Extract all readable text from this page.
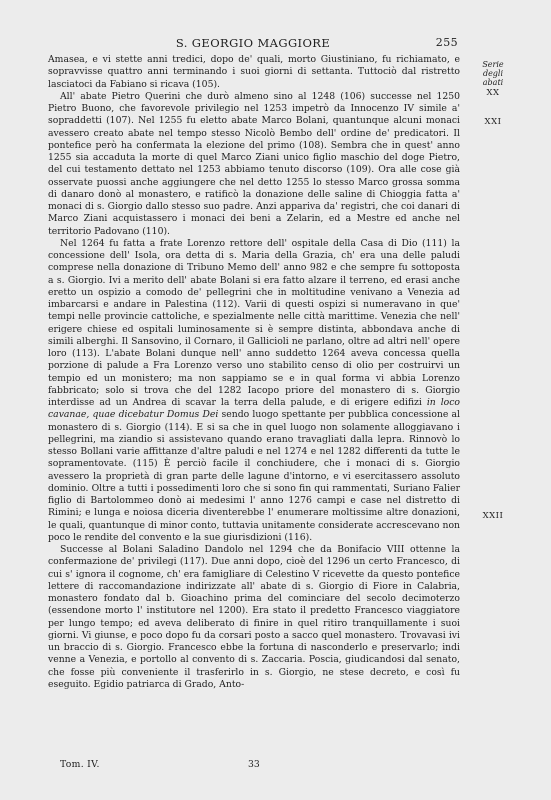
S. GEORGIO MAGGIORE	255
Serie degli abati
XX
XXI
XXII

Amasea, e vi stette anni tredici, dopo de' quali, morto Giustiniano, fu richiamato, e sopravvisse quattro anni terminando i suoi giorni di settanta. Tuttociò dal ristretto lasciatoci da Fabiano si ricava (105).

All' abate Pietro Querini che durò almeno sino al 1248 (106) successe nel 1250 Pietro Buono, che favorevole privilegio nel 1253 impetrò da Innocenzo IV simile a' sopraddetti (107). Nel 1255 fu eletto abate Marco Bolani, quantunque alcuni monaci avessero creato abate nel tempo stesso Nicolò Bembo dell' ordine de' predicatori. Il pontefice però ha confermata la elezione del primo (108). Sembra che in quest' anno 1255 sia accaduta la morte di quel Marco Ziani unico figlio maschio del doge Pietro, del cui testamento dettato nel 1253 abbiamo tenuto discorso (109). Ora alle cose già osservate puossi anche aggiungere che nel detto 1255 lo stesso Marco grossa somma di danaro donò al monastero, e ratificò la donazione delle saline di Chioggia fatta a' monaci di s. Giorgio dallo stesso suo padre. Anzi appariva da' registri, che coi danari di Marco Ziani acquistassero i monaci dei beni a Zelarin, ed a Mestre ed anche nel territorio Padovano (110).

Nel 1264 fu fatta a frate Lorenzo rettore dell' ospitale della Casa di Dio (111) la concessione dell' Isola, ora detta di s. Maria della Grazia, ch' era una delle paludi comprese nella donazione di Tribuno Memo dell' anno 982 e che sempre fu sottoposta a s. Giorgio. Ivi a merito dell' abate Bolani si era fatto alzare il terreno, ed erasi anche eretto un ospizio a comodo de' pellegrini che in moltitudine venivano a Venezia ad imbarcarsi e andare in Palestina (112). Varii di questi ospizi si numeravano in que' tempi nelle provincie cattoliche, e spezialmente nelle città marittime. Venezia che nell' erigere chiese ed ospitali luminosamente si è sempre distinta, abbondava anche di simili alberghi. Il Sansovino, il Cornaro, il Gallicioli ne parlano, oltre ad altri nell' opere loro (113). L'abate Bolani dunque nell' anno suddetto 1264 aveva concessa quella porzione di palude a Fra Lorenzo verso uno stabilito censo di olio per costruirvi un tempio ed un monistero; ma non sappiamo se e in qual forma vi abbia Lorenzo fabbricato; solo si trova che del 1282 Iacopo priore del monastero di s. Giorgio interdisse ad un Andrea di scavar la terra della palude, e di erigere edifizi in loco cavanae, quae dicebatur Domus Dei sendo luogo spettante per pubblica concessione al monastero di s. Giorgio (114). E si sa che in quel luogo non solamente alloggiavano i pellegrini, ma ziandio si assistevano quando erano travagliati dalla lepra. Rinnovò lo stesso Bollani varie affittanze d'altre paludi e nel 1274 e nel 1282 differenti da tutte le sopramentovate. (115) È perciò facile il conchiudere, che i monaci di s. Giorgio avessero la proprietà di gran parte delle lagune d'intorno, e vi esercitassero assoluto dominio. Oltre a tutti i possedimenti loro che si sono fin qui rammentati, Suriano Falier figlio di Bartolommeo donò ai medesimi l' anno 1276 campi e case nel distretto di Rimini; e lunga e noiosa diceria diventerebbe l' enumerare moltissime altre donazioni, le quali, quantunque di minor conto, tuttavia unitamente considerate accrescevano non poco le rendite del convento e la sue giurisdizioni (116).

Successe al Bolani Saladino Dandolo nel 1294 che da Bonifacio VIII ottenne la confermazione de' privilegi (117). Due anni dopo, cioè del 1296 un certo Francesco, di cui s' ignora il cognome, ch' era famigliare di Celestino V ricevette da questo pontefice lettere di raccomandazione indirizzate all' abate di s. Giorgio di Fiore in Calabria, monastero fondato dal b. Gioachino prima del cominciare del secolo decimoterzo (essendone morto l' institutore nel 1200). Era stato il predetto Francesco viaggiatore per lungo tempo; ed aveva deliberato di finire in quel ritiro tranquillamente i suoi giorni. Vi giunse, e poco dopo fu da corsari posto a sacco quel monastero. Trovavasi ivi un braccio di s. Giorgio. Francesco ebbe la fortuna di nasconderlo e preservarlo; indi venne a Venezia, e portollo al convento di s. Zaccaria. Poscia, giudicandosi dal senato, che fosse più conveniente il trasferirlo in s. Giorgio, ne stese decreto, e così fu eseguito. Egidio patriarca di Grado, Anto-

Tom. IV.	33
